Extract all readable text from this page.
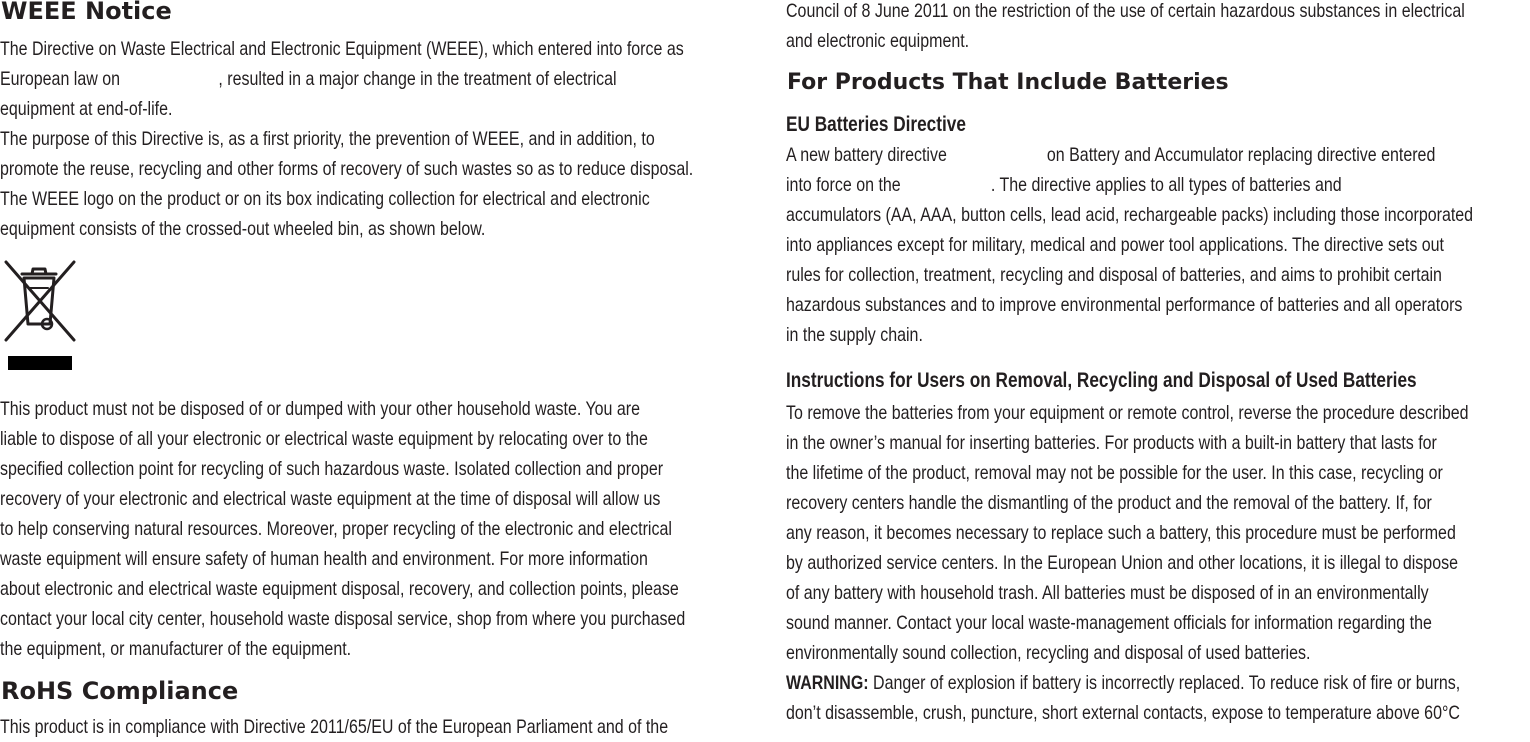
WEEE Notice
The Directive on Waste Electrical and Electronic Equipment (WEEE), which entered into force as
European law on	, resulted in a major change in the treatment of electrical
equipment at end-of-life.
The purpose of this Directive is, as a first priority, the prevention of WEEE, and in addition, to
promote the reuse, recycling and other forms of recovery of such wastes so as to reduce disposal.
The WEEE logo on the product or on its box indicating collection for electrical and electronic
equipment consists of the crossed-out wheeled bin, as shown below.
This product must not be disposed of or dumped with your other household waste. You are
liable to dispose of all your electronic or electrical waste equipment by relocating over to the
specified collection point for recycling of such hazardous waste. Isolated collection and proper
recovery of your electronic and electrical waste equipment at the time of disposal will allow us
to help conserving natural resources. Moreover, proper recycling of the electronic and electrical
waste equipment will ensure safety of human health and environment. For more information
about electronic and electrical waste equipment disposal, recovery, and collection points, please
contact your local city center, household waste disposal service, shop from where you purchased
the equipment, or manufacturer of the equipment.
RoHS Compliance
This product is in compliance with Directive 2011/65/EU of the European Parliament and of the
Council of 8 June 2011 on the restriction of the use of certain hazardous substances in electrical
and electronic equipment.
For Products That Include Batteries
EU Batteries Directive
A new battery directive	on Battery and Accumulator replacing directive entered
into force on the	. The directive applies to all types of batteries and
accumulators (AA, AAA, button cells, lead acid, rechargeable packs) including those incorporated
into appliances except for military, medical and power tool applications. The directive sets out
rules for collection, treatment, recycling and disposal of batteries, and aims to prohibit certain
hazardous substances and to improve environmental performance of batteries and all operators
in the supply chain.
Instructions for Users on Removal, Recycling and Disposal of Used Batteries
To remove the batteries from your equipment or remote control, reverse the procedure described
in the owner’s manual for inserting batteries. For products with a built-in battery that lasts for
the lifetime of the product, removal may not be possible for the user. In this case, recycling or
recovery centers handle the dismantling of the product and the removal of the battery. If, for
any reason, it becomes necessary to replace such a battery, this procedure must be performed
by authorized service centers. In the European Union and other locations, it is illegal to dispose
of any battery with household trash. All batteries must be disposed of in an environmentally
sound manner. Contact your local waste-management officials for information regarding the
environmentally sound collection, recycling and disposal of used batteries.
WARNING: Danger of explosion if battery is incorrectly replaced. To reduce risk of fire or burns,
don’t disassemble, crush, puncture, short external contacts, expose to temperature above 60°C
